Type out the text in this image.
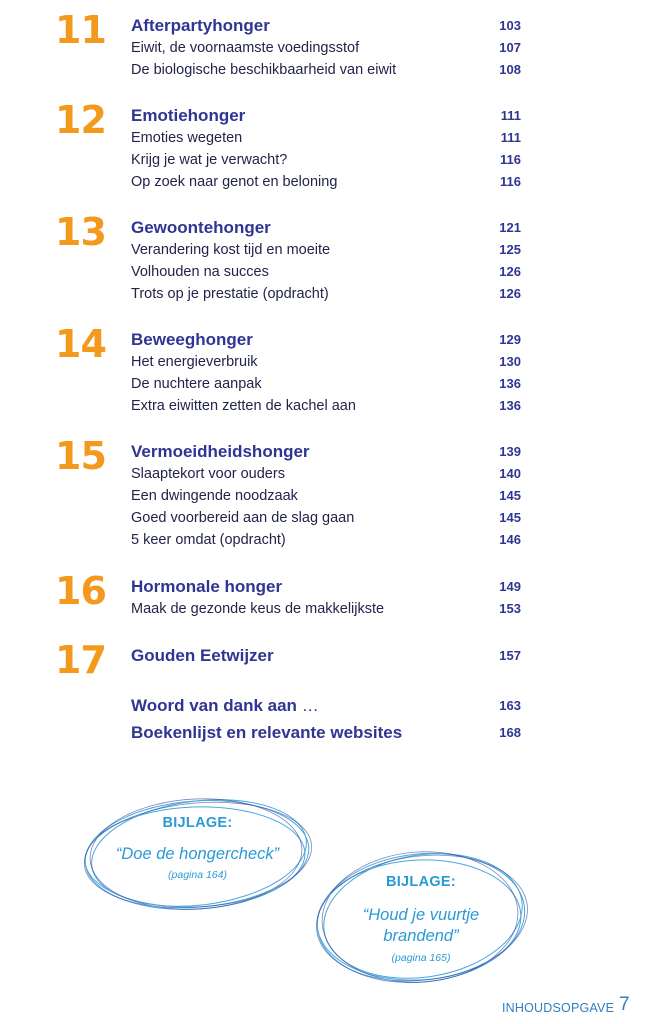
11 Afterpartyhonger	103
Eiwit, de voornaamste voedingsstof	107
De biologische beschikbaarheid van eiwit	108
12 Emotiehonger	111
Emoties wegeten	111
Krijg je wat je verwacht?	116
Op zoek naar genot en beloning	116
13 Gewoontehonger	121
Verandering kost tijd en moeite	125
Volhouden na succes	126
Trots op je prestatie (opdracht)	126
14 Beweeghonger	129
Het energieverbruik	130
De nuchtere aanpak	136
Extra eiwitten zetten de kachel aan	136
15 Vermoeidheidshonger	139
Slaaptekort voor ouders	140
Een dwingende noodzaak	145
Goed voorbereid aan de slag gaan	145
5 keer omdat (opdracht)	146
16 Hormonale honger	149
Maak de gezonde keus de makkelijkste	153
17 Gouden Eetwijzer	157
Woord van dank aan …	163
Boekenlijst en relevante websites	168
BIJLAGE:
“Doe de hongercheck”
(pagina 164)	BIJLAGE:
“Houd je vuurtje
brandend”
(pagina 165)
INHOUDSOPGAVE 7
